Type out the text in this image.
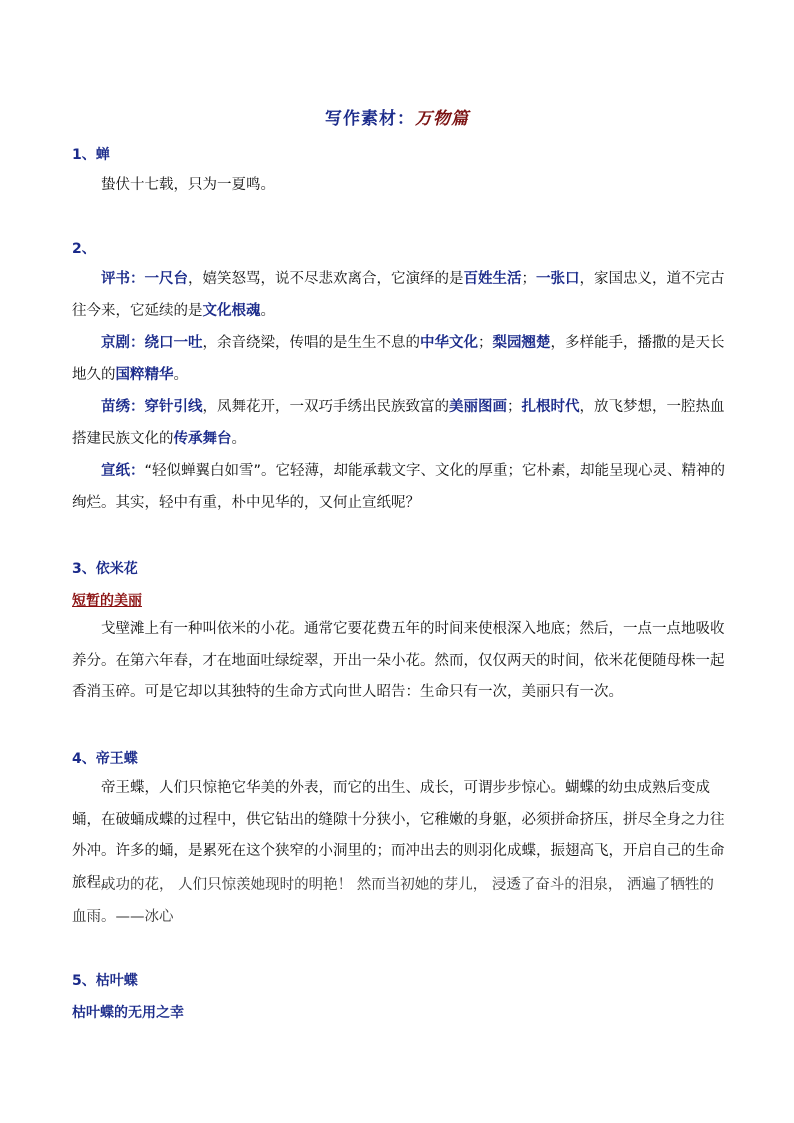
写作素材：万物篇
1、蝉

蛰伏十七载，只为一夏鸣。

2、

评书：一尺台，嬉笑怒骂，说不尽悲欢离合，它演绎的是百姓生活；一张口，家国忠义，道不完古往今来，它延续的是文化根魂。

京剧：绕口一吐，余音绕梁，传唱的是生生不息的中华文化；梨园翘楚，多样能手，播撒的是天长地久的国粹精华。

苗绣：穿针引线，凤舞花开，一双巧手绣出民族致富的美丽图画；扎根时代，放飞梦想，一腔热血搭建民族文化的传承舞台。

宣纸：“轻似蝉翼白如雪”。它轻薄，却能承载文字、文化的厚重；它朴素，却能呈现心灵、精神的绚烂。其实，轻中有重，朴中见华的，又何止宣纸呢？

3、依米花
短暂的美丽

戈壁滩上有一种叫依米的小花。通常它要花费五年的时间来使根深入地底；然后，一点一点地吸收养分。在第六年春，才在地面吐绿绽翠，开出一朵小花。然而，仅仅两天的时间，依米花便随母株一起香消玉碎。可是它却以其独特的生命方式向世人昭告：生命只有一次，美丽只有一次。

4、帝王蝶

帝王蝶，人们只惊艳它华美的外表，而它的出生、成长，可谓步步惊心。蝴蝶的幼虫成熟后变成蛹，在破蛹成蝶的过程中，供它钻出的缝隙十分狭小，它稚嫩的身躯，必须拼命挤压，拼尽全身之力往外冲。许多的蛹，是累死在这个狭窄的小洞里的；而冲出去的则羽化成蝶，振翅高飞，开启自己的生命旅程。

成功的花， 人们只惊羡她现时的明艳！ 然而当初她的芽儿， 浸透了奋斗的泪泉， 洒遍了牺牲的血雨。——冰心

5、枯叶蝶
枯叶蝶的无用之幸
